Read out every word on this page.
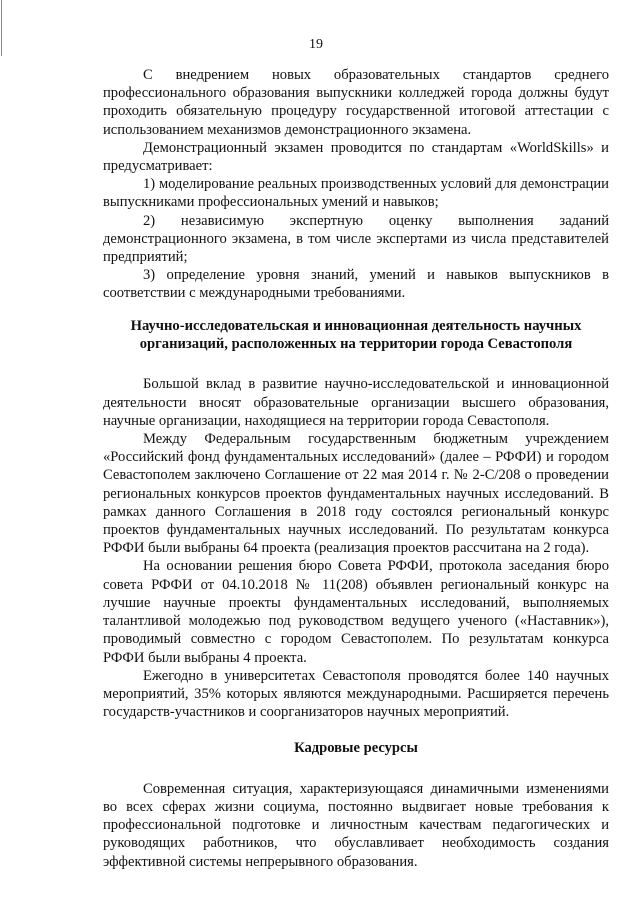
19

С внедрением новых образовательных стандартов среднего профессионального образования выпускники колледжей города должны будут проходить обязательную процедуру государственной итоговой аттестации с использованием механизмов демонстрационного экзамена.

Демонстрационный экзамен проводится по стандартам «WorldSkills» и предусматривает:

1) моделирование реальных производственных условий для демонстрации выпускниками профессиональных умений и навыков;

2) независимую экспертную оценку выполнения заданий демонстрационного экзамена, в том числе экспертами из числа представителей предприятий;

3) определение уровня знаний, умений и навыков выпускников в соответствии с международными требованиями.

Научно-исследовательская и инновационная деятельность научных организаций, расположенных на территории города Севастополя

Большой вклад в развитие научно-исследовательской и инновационной деятельности вносят образовательные организации высшего образования, научные организации, находящиеся на территории города Севастополя.

Между Федеральным государственным бюджетным учреждением «Российский фонд фундаментальных исследований» (далее – РФФИ) и городом Севастополем заключено Соглашение от 22 мая 2014 г. № 2-С/208 о проведении региональных конкурсов проектов фундаментальных научных исследований. В рамках данного Соглашения в 2018 году состоялся региональный конкурс проектов фундаментальных научных исследований. По результатам конкурса РФФИ были выбраны 64 проекта (реализация проектов рассчитана на 2 года).

На основании решения бюро Совета РФФИ, протокола заседания бюро совета РФФИ от 04.10.2018 № 11(208) объявлен региональный конкурс на лучшие научные проекты фундаментальных исследований, выполняемых талантливой молодежью под руководством ведущего ученого («Наставник»), проводимый совместно с городом Севастополем. По результатам конкурса РФФИ были выбраны 4 проекта.

Ежегодно в университетах Севастополя проводятся более 140 научных мероприятий, 35% которых являются международными. Расширяется перечень государств-участников и соорганизаторов научных мероприятий.

Кадровые ресурсы

Современная ситуация, характеризующаяся динамичными изменениями во всех сферах жизни социума, постоянно выдвигает новые требования к профессиональной подготовке и личностным качествам педагогических и руководящих работников, что обуславливает необходимость создания эффективной системы непрерывного образования.
